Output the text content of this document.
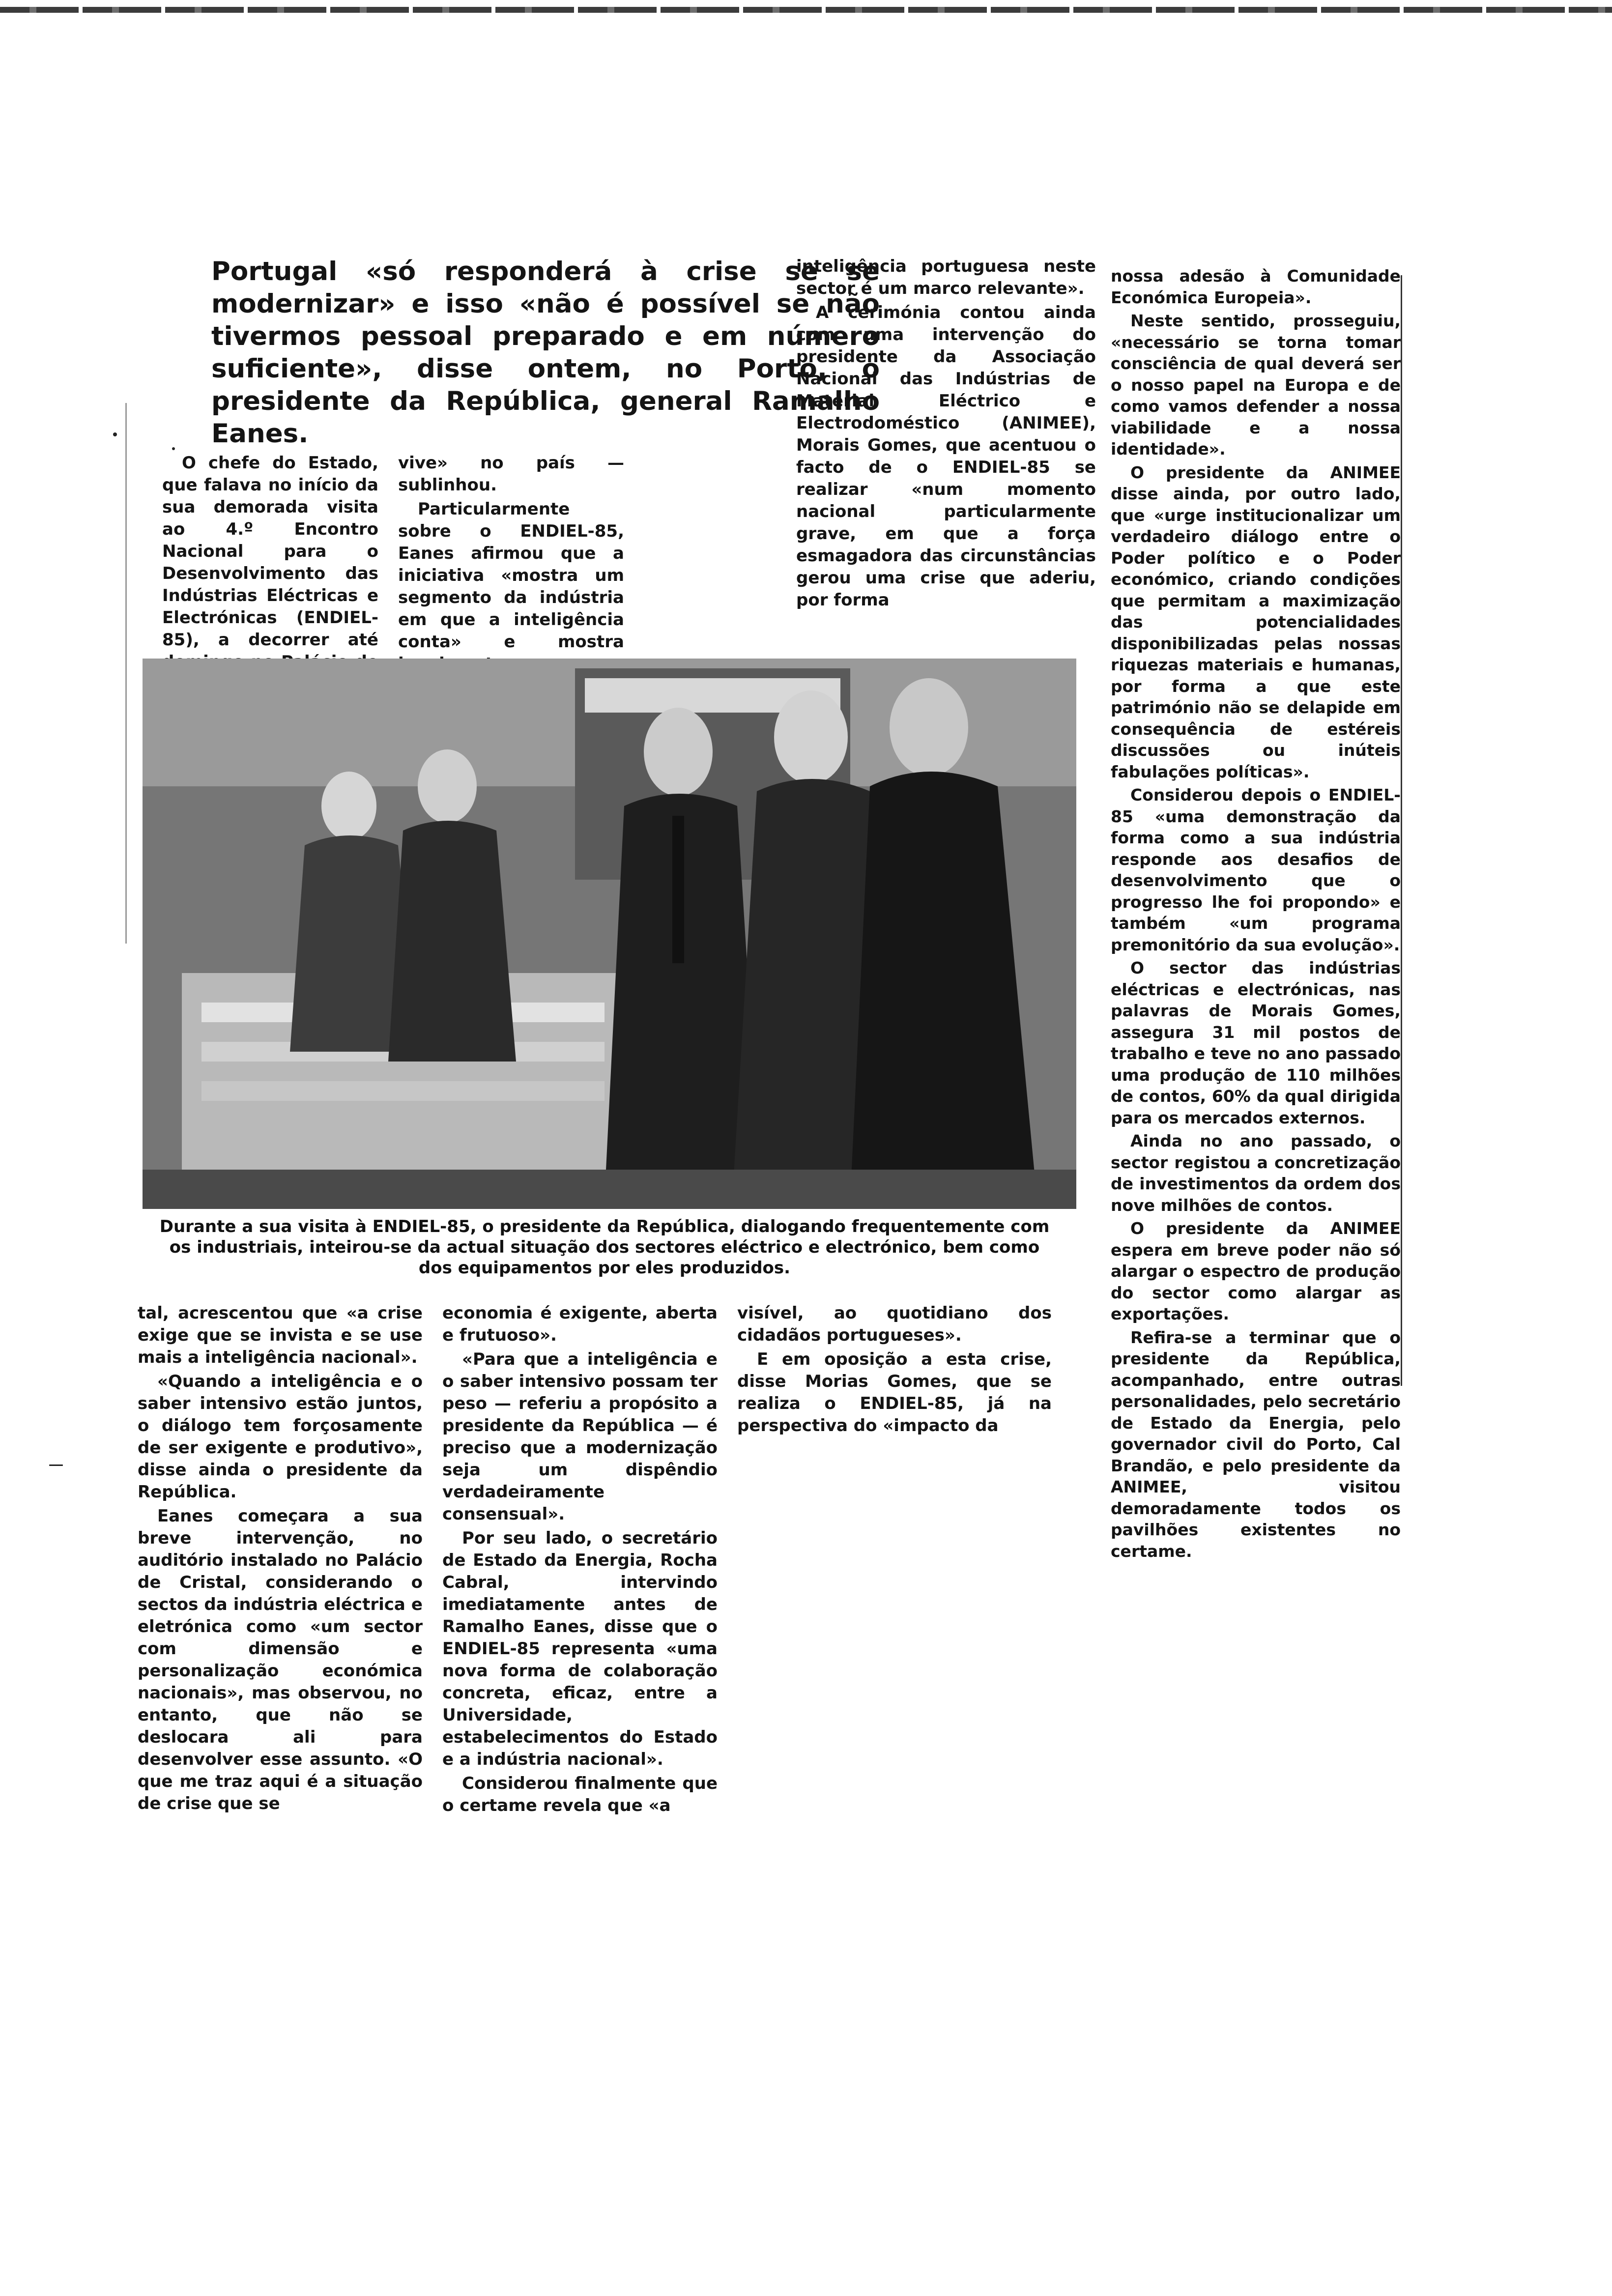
Portugal «só responderá à crise se se modernizar» e isso «não é possível se não tivermos pessoal preparado e em número suficiente», disse ontem, no Porto, o presidente da República, general Ramalho Eanes.

O chefe do Estado, que falava no início da sua demorada visita ao 4.º Encontro Nacional para o Desenvolvimento das Indústrias Eléctricas e Electrónicas (ENDIEL-85), a decorrer até

vive» no país — sublinhou.

Particularmente sobre o ENDIEL-85, Eanes afirmou que a iniciativa «mostra um segmento da indústria em que a inteligência conta» e mostra

inteligência portuguesa neste sector é um marco relevante».

A cerimónia contou ainda com uma intervenção do presidente da Associação Nacional das Indústrias de Material Eléctrico e Electrodoméstico (ANIMEE), Morais Gomes, que acentuou o facto de o ENDIEL-85 se realizar «num momento nacional particularmente grave, em que a força esmagadora das circunstâncias gerou uma crise que aderiu, por forma

nossa adesão à Comunidade Económica Europeia».

Neste sentido, prosseguiu, «necessário se torna tomar consciência de qual deverá ser o nosso papel na Europa e de como vamos defender a nossa viabilidade e a nossa identidade».

O presidente da ANIMEE disse ainda, por outro lado, que «urge institucionalizar um verdadeiro diálogo entre o Poder político e o Poder económico, criando condições que permitam a maximização das potencialidades disponibilizadas pelas nossas riquezas materiais e humanas, por forma a que este património não se delapide em consequência de estéreis discussões ou inúteis fabulações políticas».

Considerou depois o ENDIEL-85 «uma demonstração da forma como a sua indústria responde aos desafios de desenvolvimento que o progresso lhe foi propondo» e também «um programa premonitório da sua evolução».

O sector das indústrias eléctricas e electrónicas, nas palavras de Morais Gomes, assegura 31 mil postos de trabalho e teve no ano passado uma produção de 110 milhões de contos, 60% da qual dirigida para os mercados externos.

Ainda no ano passado, o sector registou a concretização de investimentos da ordem dos nove milhões de contos.

O presidente da ANIMEE espera em breve poder não só alargar o espectro de produção do sector como alargar as exportações.

Refira-se a terminar que o presidente da República, acompanhado, entre outras personalidades, pelo secretário de Estado da Energia, pelo governador civil do Porto, Cal Brandão, e pelo presidente da ANIMEE, visitou demoradamente todos os pavilhões existentes no certame.

Durante a sua visita à ENDIEL-85, o presidente da República, dialogando frequentemente com os industriais, inteirou-se da actual situação dos sectores eléctrico e electrónico, bem como dos equipamentos por eles produzidos.

tal, acrescentou que «a crise exige que se invista e se use mais a inteligência nacional».

«Quando a inteligência e o saber intensivo estão juntos, o diálogo tem forçosamente de ser exigente e produtivo», disse ainda o presidente da República.

Eanes começara a sua breve intervenção, no auditório instalado no Palácio de Cristal, considerando o sectos da indústria eléctrica e eletrónica como «um sector com dimensão e personalização económica nacionais», mas observou, no entanto, que não se deslocara ali para desenvolver esse assunto. «O que me traz aqui é a situação de crise que se

economia é exigente, aberta e frutuoso».

«Para que a inteligência e o saber intensivo possam ter peso — referiu a propósito a presidente da República — é preciso que a modernização seja um dispêndio verdadeiramente consensual».

Por seu lado, o secretário de Estado da Energia, Rocha Cabral, intervindo imediatamente antes de Ramalho Eanes, disse que o ENDIEL-85 representa «uma nova forma de colaboração concreta, eficaz, entre a Universidade, estabelecimentos do Estado e a indústria nacional».

Considerou finalmente que o certame revela que «a

visível, ao quotidiano dos cidadãos portugueses».

E em oposição a esta crise, disse Morias Gomes, que se realiza o ENDIEL-85, já na perspectiva do «impacto da
